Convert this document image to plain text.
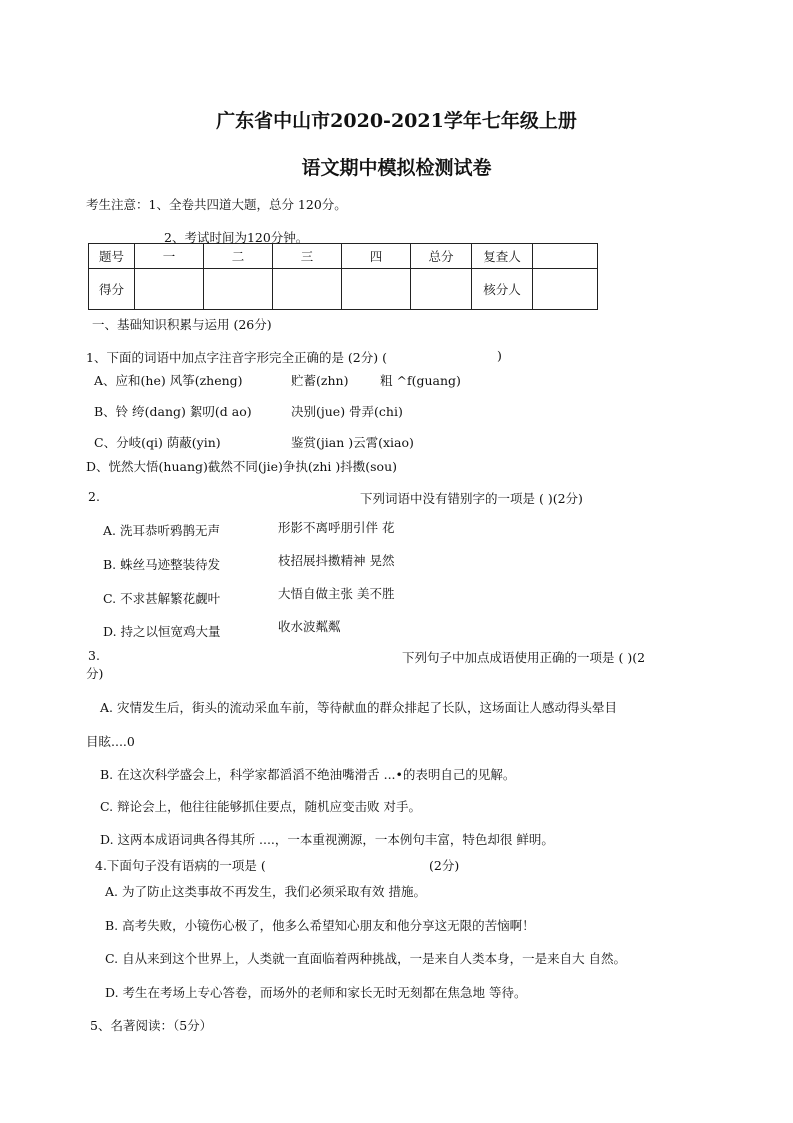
广东省中山市2020-2021学年七年级上册
语文期中模拟检测试卷
考生注意：1、全卷共四道大题，总分 120分。
2、考试时间为120分钟。
题号	一	二	三	四	总分	复查人	
得分						核分人	
一、基础知识积累与运用 (26分)
1、下面的词语中加点字注音字形完全正确的是 (2分) (	)
A、应和(he) 风筝(zheng)	贮蓄(zhn)	粗 ^f(guang)
B、铃 绔(dang) 絮叨(d ao)	决别(jue) 骨弄(chi)
C、分岐(qi) 荫蔽(yin)	鉴赏(jian )云霄(xiao)
D、恍然大悟(huang)截然不同(jie)争执(zhi )抖擞(sou)
2.	下列词语中没有错别字的一项是 ( )(2分)
A. 洗耳恭听鸦鹊无声	形影不离呼朋引伴 花
B. 蛛丝马迹整装待发	枝招展抖擞精神 晃然
C. 不求甚解繁花觑叶	大悟自做主张 美不胜
D. 持之以恒宽鸡大量	收水波粼粼
3.	下列句子中加点成语使用正确的一项是 ( )(2
分)
A. 灾情发生后，街头的流动采血车前，等待献血的群众排起了长队，这场面让人感动得头晕目
目眩....0
B. 在这次科学盛会上，科学家都滔滔不绝油嘴滑舌 ...•的表明自己的见解。
C. 辩论会上，他往往能够抓住要点，随机应变击败 对手。
D. 这两本成语词典各得其所 ....，一本重视溯源，一本例句丰富，特色却很 鲜明。
4.下面句子没有语病的一项是 (	(2分)
A. 为了防止这类事故不再发生，我们必须采取有效 措施。
B. 高考失败，小镜伤心极了，他多么希望知心朋友和他分享这无限的苦恼啊！
C. 自从来到这个世界上，人类就一直面临着两种挑战，一是来自人类本身，一是来自大 自然。
D. 考生在考场上专心答卷，而场外的老师和家长无时无刻都在焦急地 等待。
5、名著阅读：（5分）
